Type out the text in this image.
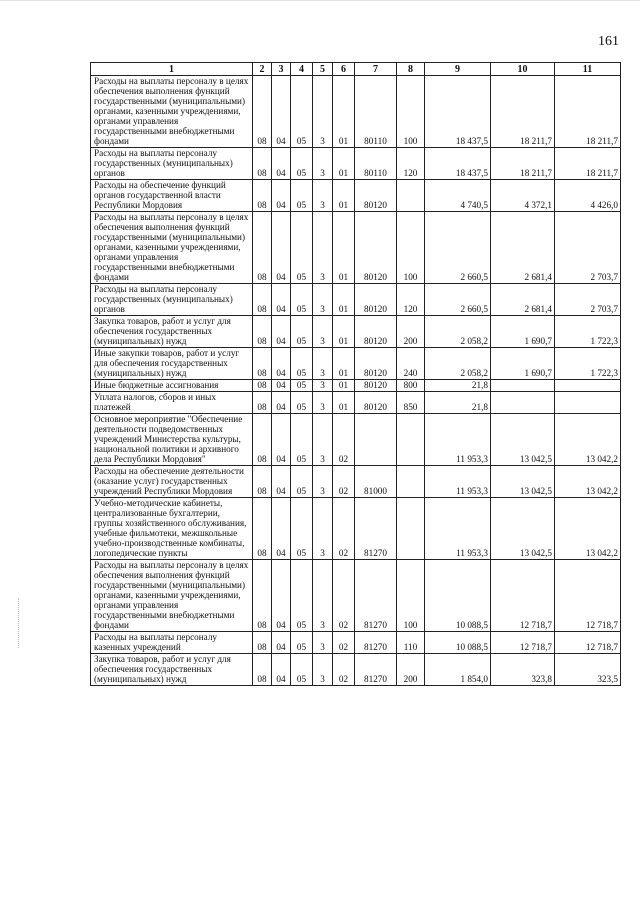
161
1	2	3	4	5	6	7	8	9	10	11
Расходы на выплаты персоналу в целях обеспечения выполнения функций государственными (муниципальными) органами, казенными учреждениями, органами управления государственными внебюджетными фондами	08	04	05	3	01	80110	100	18 437,5	18 211,7	18 211,7
Расходы на выплаты персоналу государственных (муниципальных) органов	08	04	05	3	01	80110	120	18 437,5	18 211,7	18 211,7
Расходы на обеспечение функций органов государственной власти Республики Мордовия	08	04	05	3	01	80120		4 740,5	4 372,1	4 426,0
Расходы на выплаты персоналу в целях обеспечения выполнения функций государственными (муниципальными) органами, казенными учреждениями, органами управления государственными внебюджетными фондами	08	04	05	3	01	80120	100	2 660,5	2 681,4	2 703,7
Расходы на выплаты персоналу государственных (муниципальных) органов	08	04	05	3	01	80120	120	2 660,5	2 681,4	2 703,7
Закупка товаров, работ и услуг для обеспечения государственных (муниципальных) нужд	08	04	05	3	01	80120	200	2 058,2	1 690,7	1 722,3
Иные закупки товаров, работ и услуг для обеспечения государственных (муниципальных) нужд	08	04	05	3	01	80120	240	2 058,2	1 690,7	1 722,3
Иные бюджетные ассигнования	08	04	05	3	01	80120	800	21,8		
Уплата налогов, сборов и иных платежей	08	04	05	3	01	80120	850	21,8		
Основное мероприятие "Обеспечение деятельности подведомственных учреждений Министерства культуры, национальной политики и архивного дела Республики Мордовия"	08	04	05	3	02			11 953,3	13 042,5	13 042,2
Расходы на обеспечение деятельности (оказание услуг) государственных учреждений Республики Мордовия	08	04	05	3	02	81000		11 953,3	13 042,5	13 042,2
Учебно-методические кабинеты, централизованные бухгалтерии, группы хозяйственного обслуживания, учебные фильмотеки, межшкольные учебно-производственные комбинаты, логопедические пункты	08	04	05	3	02	81270		11 953,3	13 042,5	13 042,2
Расходы на выплаты персоналу в целях обеспечения выполнения функций государственными (муниципальными) органами, казенными учреждениями, органами управления государственными внебюджетными фондами	08	04	05	3	02	81270	100	10 088,5	12 718,7	12 718,7
Расходы на выплаты персоналу казенных учреждений	08	04	05	3	02	81270	110	10 088,5	12 718,7	12 718,7
Закупка товаров, работ и услуг для обеспечения государственных (муниципальных) нужд	08	04	05	3	02	81270	200	1 854,0	323,8	323,5
